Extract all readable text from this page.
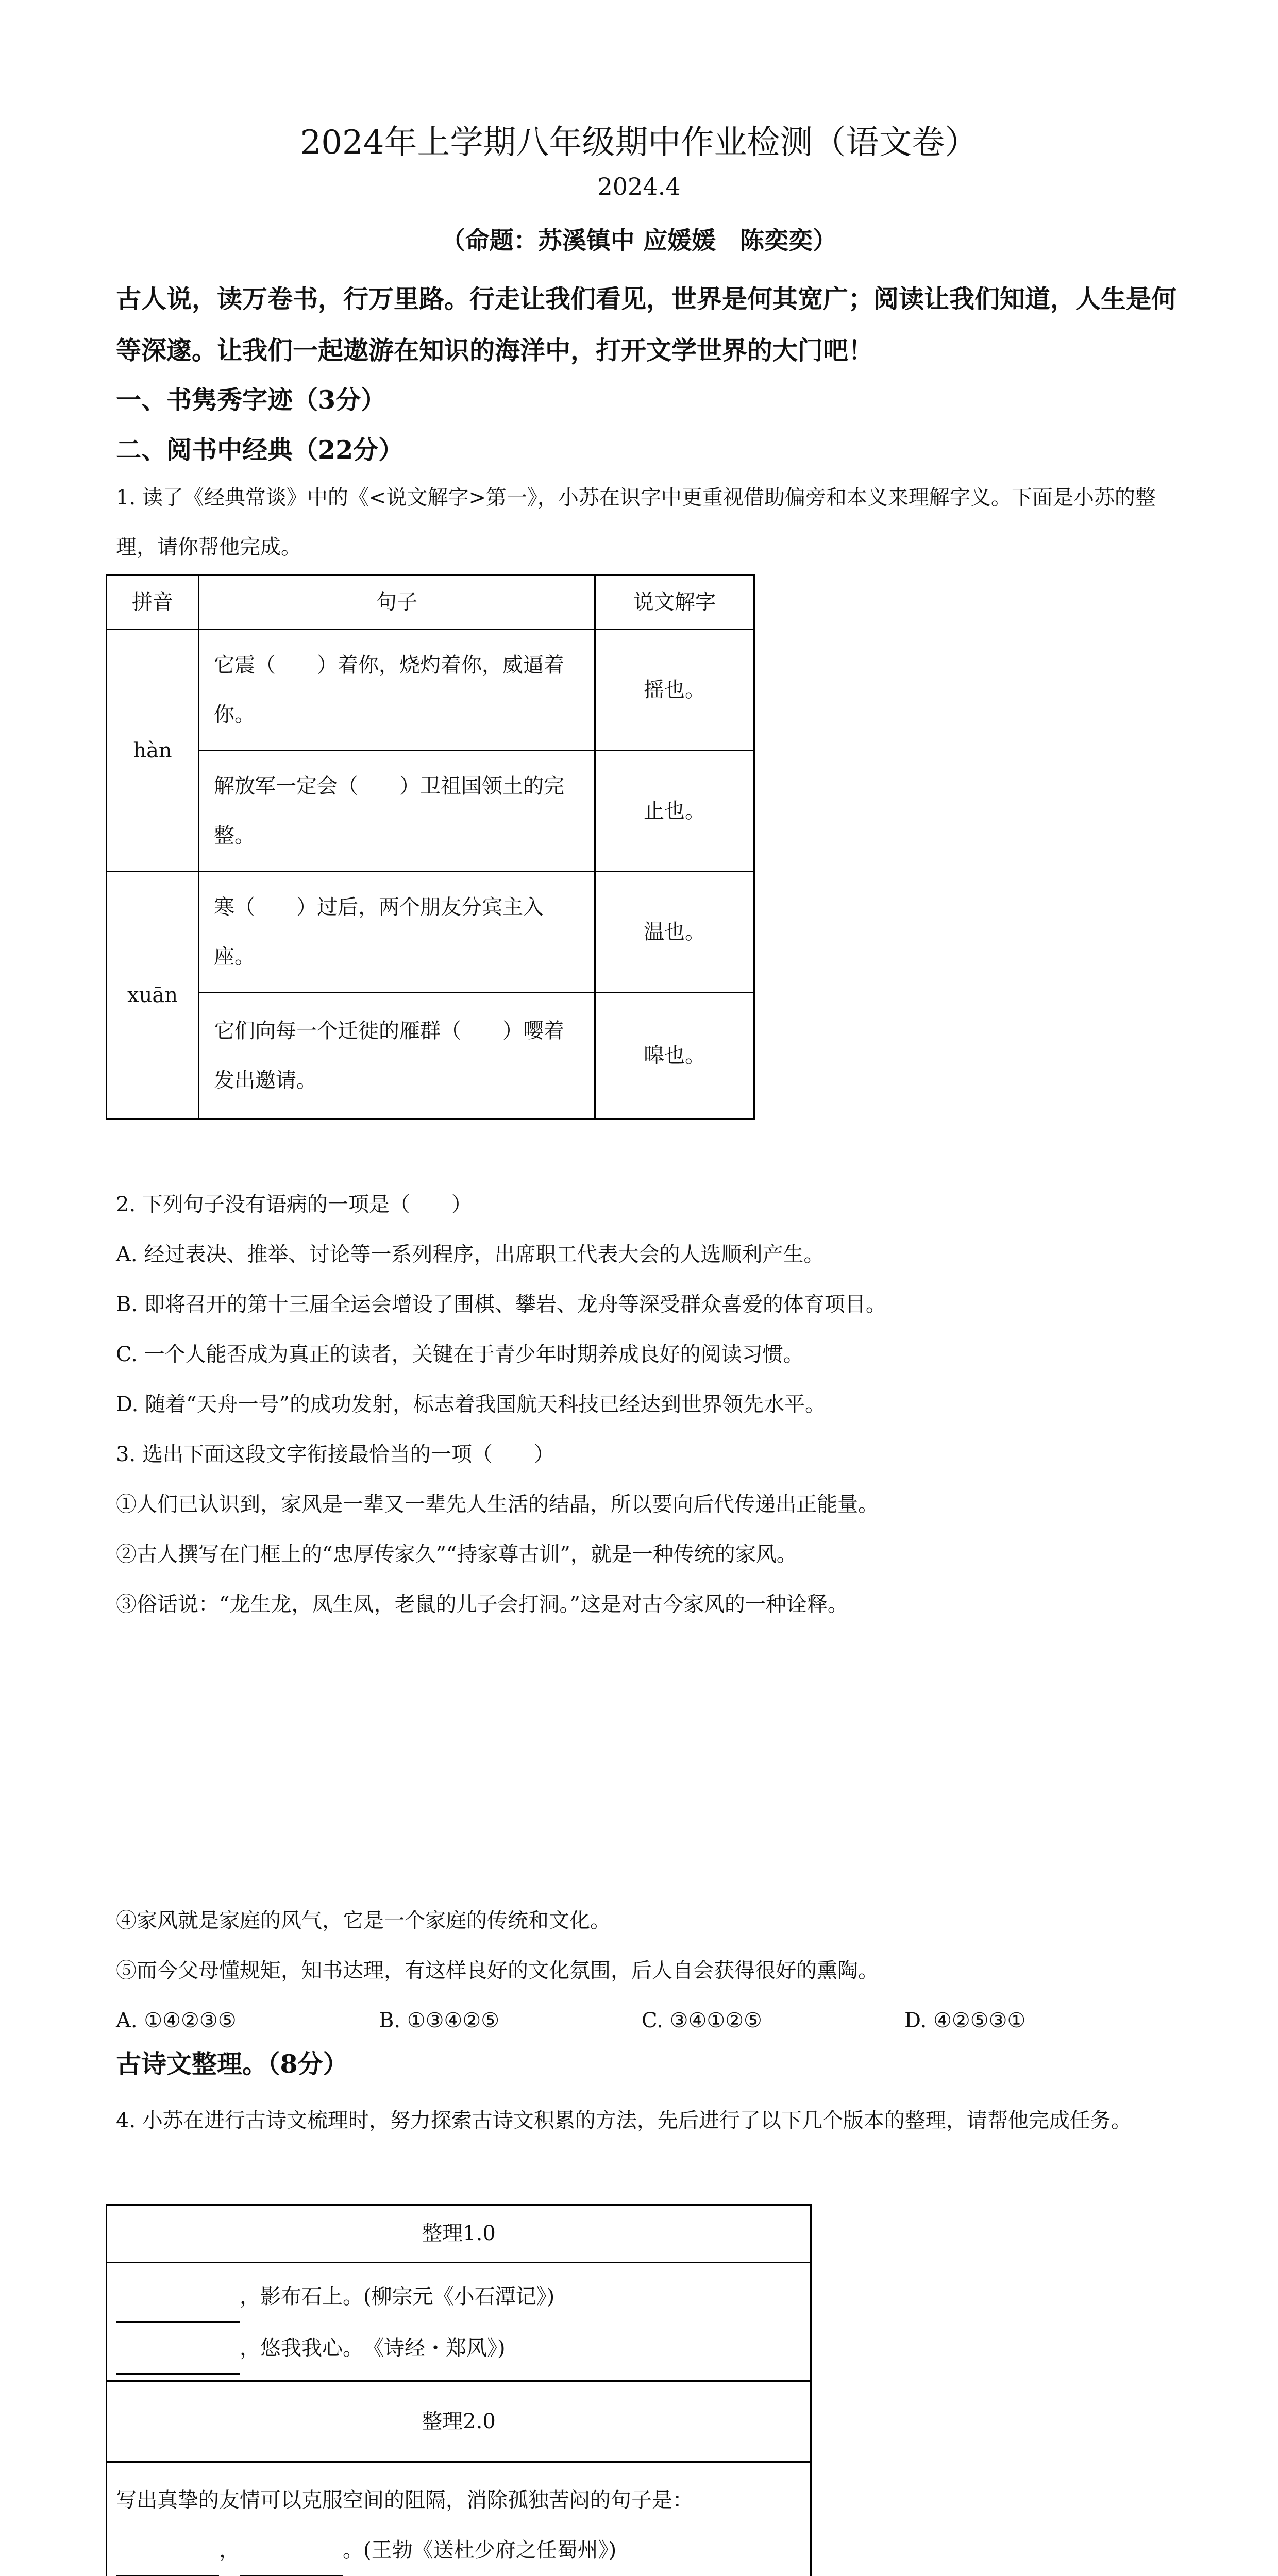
2024年上学期八年级期中作业检测（语文卷）
2024.4
（命题：苏溪镇中 应媛媛　陈奕奕）
古人说，读万卷书，行万里路。行走让我们看见，世界是何其宽广；阅读让我们知道，人生是何等深邃。让我们一起遨游在知识的海洋中，打开文学世界的大门吧！
一、书隽秀字迹（3分）
二、阅书中经典（22分）
1. 读了《经典常谈》中的《<说文解字>第一》，小苏在识字中更重视借助偏旁和本义来理解字义。下面是小苏的整理，请你帮他完成。
拼音	句子	说文解字
hàn	它震（　　）着你，烧灼着你，威逼着你。	摇也。
	解放军一定会（　　）卫祖国领土的完整。	止也。
xuān	寒（　　）过后，两个朋友分宾主入座。	温也。
	它们向每一个迁徙的雁群（　　）嘤着发出邀请。	嗥也。
2. 下列句子没有语病的一项是（　　）
A. 经过表决、推举、讨论等一系列程序，出席职工代表大会的人选顺利产生。
B. 即将召开的第十三届全运会增设了围棋、攀岩、龙舟等深受群众喜爱的体育项目。
C. 一个人能否成为真正的读者，关键在于青少年时期养成良好的阅读习惯。
D. 随着“天舟一号”的成功发射，标志着我国航天科技已经达到世界领先水平。
3. 选出下面这段文字衔接最恰当的一项（　　）
①人们已认识到，家风是一辈又一辈先人生活的结晶，所以要向后代传递出正能量。
②古人撰写在门框上的“忠厚传家久”“持家尊古训”，就是一种传统的家风。
③俗话说：“龙生龙，凤生凤，老鼠的儿子会打洞。”这是对古今家风的一种诠释。
④家风就是家庭的风气，它是一个家庭的传统和文化。
⑤而今父母懂规矩，知书达理，有这样良好的文化氛围，后人自会获得很好的熏陶。
A. ①④②③⑤	B. ①③④②⑤	C. ③④①②⑤	D. ④②⑤③①
古诗文整理。（8分）
4. 小苏在进行古诗文梳理时，努力探索古诗文积累的方法，先后进行了以下几个版本的整理，请帮他完成任务。
整理1.0
，影布石上。(柳宗元《小石潭记》)
，悠我我心。　《诗经・郑风》)
整理2.0
写出真挚的友情可以克服空间的阻隔，消除孤独苦闷的句子是：
，	。(王勃《送杜少府之任蜀州》)
